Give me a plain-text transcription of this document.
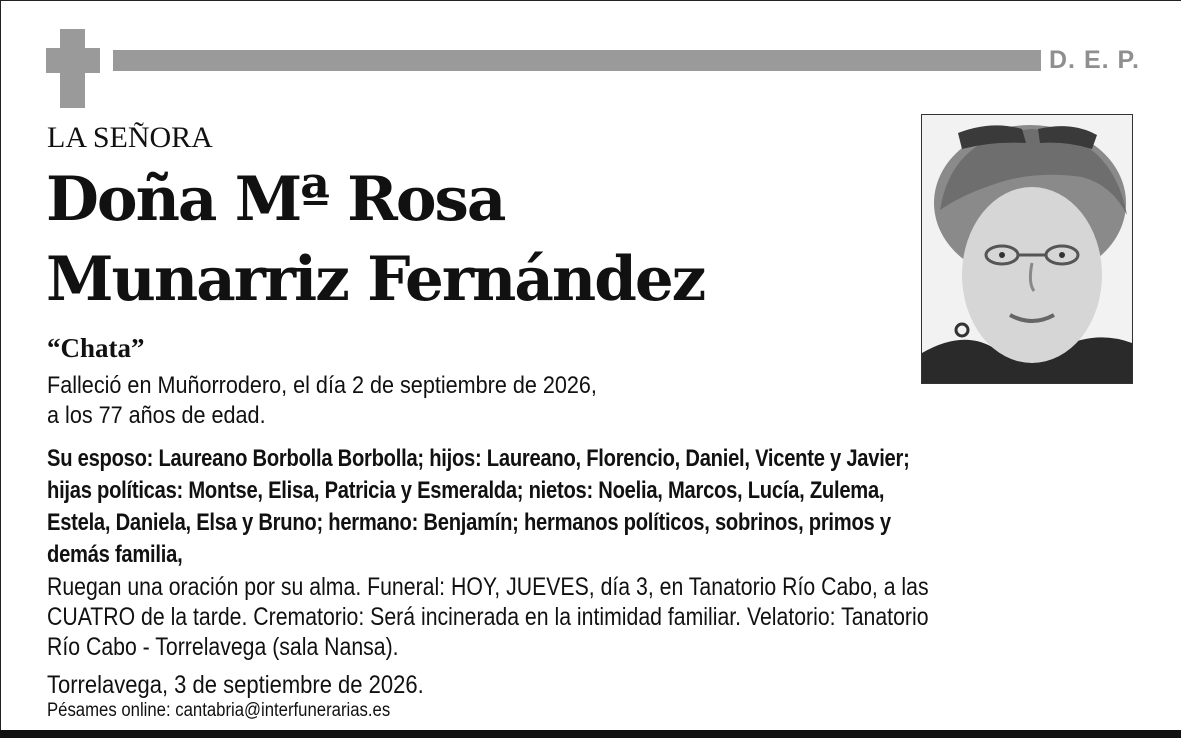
D. E. P.
LA SEÑORA
Doña Mª Rosa
Munarriz Fernández
“Chata”
Falleció en Muñorrodero, el día 2 de septiembre de 2026,
a los 77 años de edad.
Su esposo: Laureano Borbolla Borbolla; hijos: Laureano, Florencio, Daniel, Vicente y Javier;
hijas políticas: Montse, Elisa, Patricia y Esmeralda; nietos: Noelia, Marcos, Lucía, Zulema,
Estela, Daniela, Elsa y Bruno; hermano: Benjamín; hermanos políticos, sobrinos, primos y
demás familia,
Ruegan una oración por su alma. Funeral: HOY, JUEVES, día 3, en Tanatorio Río Cabo, a las
CUATRO de la tarde. Crematorio: Será incinerada en la intimidad familiar. Velatorio: Tanatorio
Río Cabo - Torrelavega (sala Nansa).
Torrelavega, 3 de septiembre de 2026.
Pésames online: cantabria@interfunerarias.es
